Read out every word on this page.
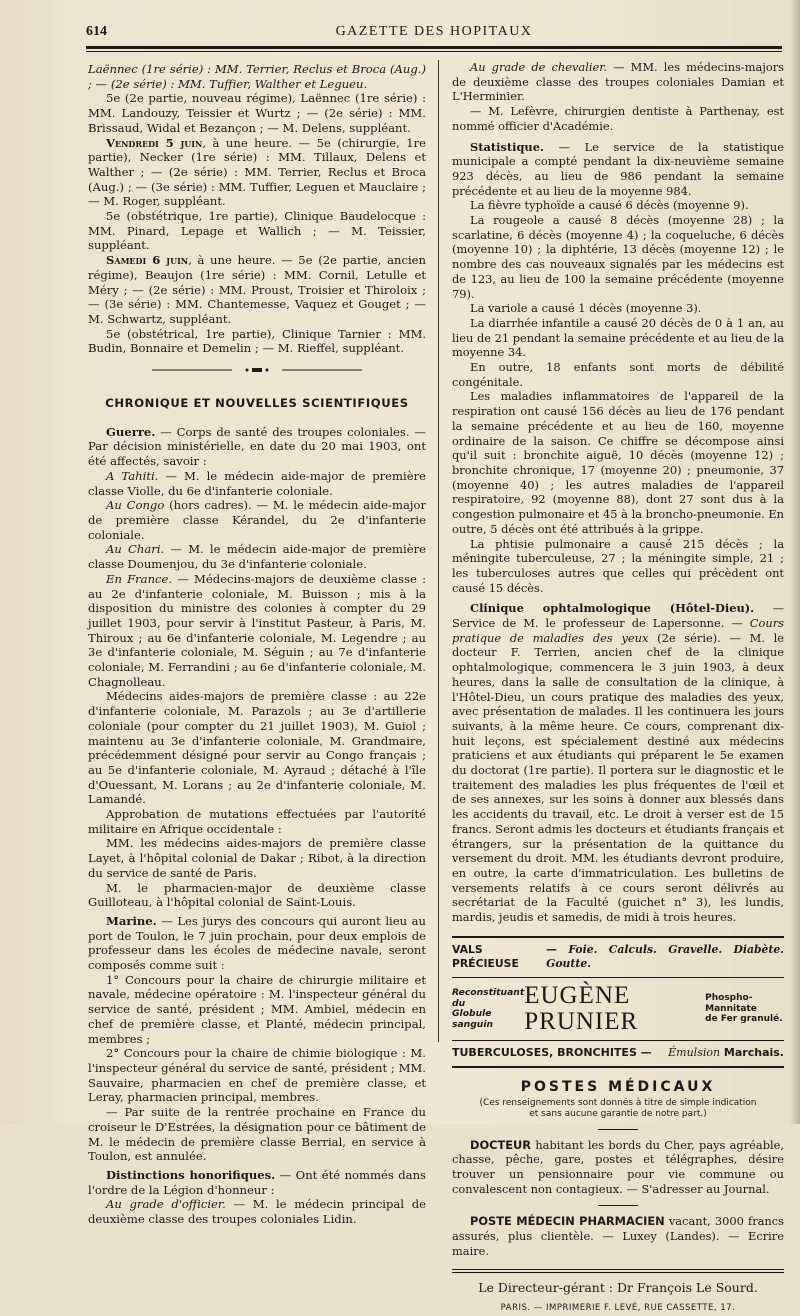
614	GAZETTE DES HOPITAUX

Laënnec (1re série) : MM. Terrier, Reclus et Broca (Aug.) ; — (2e série) : MM. Tuffier, Walther et Legueu.

5e (2e partie, nouveau régime), Laënnec (1re série) : MM. Landouzy, Teissier et Wurtz ; — (2e série) : MM. Brissaud, Widal et Bezançon ; — M. Delens, suppléant.

Vendredi 5 juin, à une heure. — 5e (chirurgie, 1re partie), Necker (1re série) : MM. Tillaux, Delens et Walther ; — (2e série) : MM. Terrier, Reclus et Broca (Aug.) ; — (3e série) : MM. Tuffier, Leguen et Mauclaire ; — M. Roger, suppléant.

5e (obstétrique, 1re partie), Clinique Baudelocque : MM. Pinard, Lepage et Wallich ; — M. Teissier, suppléant.

Samedi 6 juin, à une heure. — 5e (2e partie, ancien régime), Beaujon (1re série) : MM. Cornil, Letulle et Méry ; — (2e série) : MM. Proust, Troisier et Thiroloix ; — (3e série) : MM. Chantemesse, Vaquez et Gouget ; — M. Schwartz, suppléant.

5e (obstétrical, 1re partie), Clinique Tarnier : MM. Budin, Bonnaire et Demelin ; — M. Rieffel, suppléant.

CHRONIQUE ET NOUVELLES SCIENTIFIQUES

Guerre. — Corps de santé des troupes coloniales. — Par décision ministérielle, en date du 20 mai 1903, ont été affectés, savoir :

A Tahiti. — M. le médecin aide-major de première classe Violle, du 6e d'infanterie coloniale.

Au Congo (hors cadres). — M. le médecin aide-major de première classe Kérandel, du 2e d'infanterie coloniale.

Au Chari. — M. le médecin aide-major de première classe Doumenjou, du 3e d'infanterie coloniale.

En France. — Médecins-majors de deuxième classe : au 2e d'infanterie coloniale, M. Buisson ; mis à la disposition du ministre des colonies à compter du 29 juillet 1903, pour servir à l'institut Pasteur, à Paris, M. Thiroux ; au 6e d'infanterie coloniale, M. Legendre ; au 3e d'infanterie coloniale, M. Séguin ; au 7e d'infanterie coloniale, M. Ferrandini ; au 6e d'infanterie coloniale, M. Chagnolleau.

Médecins aides-majors de première classe : au 22e d'infanterie coloniale, M. Parazols ; au 3e d'artillerie coloniale (pour compter du 21 juillet 1903), M. Guiol ; maintenu au 3e d'infanterie coloniale, M. Grandmaire, précédemment désigné pour servir au Congo français ; au 5e d'infanterie coloniale, M. Ayraud ; détaché à l'île d'Ouessant, M. Lorans ; au 2e d'infanterie coloniale, M. Lamandé.

Approbation de mutations effectuées par l'autorité militaire en Afrique occidentale :

MM. les médecins aides-majors de première classe Layet, à l'hôpital colonial de Dakar ; Ribot, à la direction du service de santé de Paris.

M. le pharmacien-major de deuxième classe Guilloteau, à l'hôpital colonial de Saint-Louis.

Marine. — Les jurys des concours qui auront lieu au port de Toulon, le 7 juin prochain, pour deux emplois de professeur dans les écoles de médecine navale, seront composés comme suit :

1° Concours pour la chaire de chirurgie militaire et navale, médecine opératoire : M. l'inspecteur général du service de santé, président ; MM. Ambiel, médecin en chef de première classe, et Planté, médecin principal, membres ;

2° Concours pour la chaire de chimie biologique : M. l'inspecteur général du service de santé, président ; MM. Sauvaire, pharmacien en chef de première classe, et Leray, pharmacien principal, membres.

— Par suite de la rentrée prochaine en France du croiseur le D'Estrées, la désignation pour ce bâtiment de M. le médecin de première classe Berrial, en service à Toulon, est annulée.

Distinctions honorifiques. — Ont été nommés dans l'ordre de la Légion d'honneur :

Au grade d'officier. — M. le médecin principal de deuxième classe des troupes coloniales Lidin.

Au grade de chevalier. — MM. les médecins-majors de deuxième classe des troupes coloniales Damian et L'Herminier.

— M. Lefèvre, chirurgien dentiste à Parthenay, est nommé officier d'Académie.

Statistique. — Le service de la statistique municipale a compté pendant la dix-neuvième semaine 923 décès, au lieu de 986 pendant la semaine précédente et au lieu de la moyenne 984.

La fièvre typhoïde a causé 6 décès (moyenne 9).

La rougeole a causé 8 décès (moyenne 28) ; la scarlatine, 6 décès (moyenne 4) ; la coqueluche, 6 décès (moyenne 10) ; la diphtérie, 13 décès (moyenne 12) ; le nombre des cas nouveaux signalés par les médecins est de 123, au lieu de 100 la semaine précédente (moyenne 79).

La variole a causé 1 décès (moyenne 3).

La diarrhée infantile a causé 20 décès de 0 à 1 an, au lieu de 21 pendant la semaine précédente et au lieu de la moyenne 34.

En outre, 18 enfants sont morts de débilité congénitale.

Les maladies inflammatoires de l'appareil de la respiration ont causé 156 décès au lieu de 176 pendant la semaine précédente et au lieu de 160, moyenne ordinaire de la saison. Ce chiffre se décompose ainsi qu'il suit : bronchite aiguë, 10 décès (moyenne 12) ; bronchite chronique, 17 (moyenne 20) ; pneumonie, 37 (moyenne 40) ; les autres maladies de l'appareil respiratoire, 92 (moyenne 88), dont 27 sont dus à la congestion pulmonaire et 45 à la broncho-pneumonie. En outre, 5 décès ont été attribués à la grippe.

La phtisie pulmonaire a causé 215 décès ; la méningite tuberculeuse, 27 ; la méningite simple, 21 ; les tuberculoses autres que celles qui précèdent ont causé 15 décès.

Clinique ophtalmologique (Hôtel-Dieu). — Service de M. le professeur de Lapersonne. — Cours pratique de maladies des yeux (2e série). — M. le docteur F. Terrien, ancien chef de la clinique ophtalmologique, commencera le 3 juin 1903, à deux heures, dans la salle de consultation de la clinique, à l'Hôtel-Dieu, un cours pratique des maladies des yeux, avec présentation de malades. Il les continuera les jours suivants, à la même heure. Ce cours, comprenant dix-huit leçons, est spécialement destiné aux médecins praticiens et aux étudiants qui préparent le 5e examen du doctorat (1re partie). Il portera sur le diagnostic et le traitement des maladies les plus fréquentes de l'œil et de ses annexes, sur les soins à donner aux blessés dans les accidents du travail, etc. Le droit à verser est de 15 francs. Seront admis les docteurs et étudiants français et étrangers, sur la présentation de la quittance du versement du droit. MM. les étudiants devront produire, en outre, la carte d'immatriculation. Les bulletins de versements relatifs à ce cours seront délivrés au secrétariat de la Faculté (guichet n° 3), les lundis, mardis, jeudis et samedis, de midi à trois heures.

VALS PRÉCIEUSE
— Foie. Calculs. Gravelle. Diabète. Goutte.
Reconstituant du
Globule sanguin
EUGÈNE PRUNIER
Phospho-Mannitate
de Fer granulé.
TUBERCULOSES, BRONCHITES — Émulsion Marchais.
POSTES MÉDICAUX
(Ces renseignements sont donnés à titre de simple indication
et sans aucune garantie de notre part.)

DOCTEUR habitant les bords du Cher, pays agréable, chasse, pêche, gare, postes et télégraphes, désire trouver un pensionnaire pour vie commune ou convalescent non contagieux. — S'adresser au Journal.

POSTE MÉDECIN PHARMACIEN vacant, 3000 francs assurés, plus clientèle. — Luxey (Landes). — Ecrire maire.

Le Directeur-gérant : Dr François Le Sourd.
PARIS. — IMPRIMERIE F. LEVÉ, RUE CASSETTE, 17.
